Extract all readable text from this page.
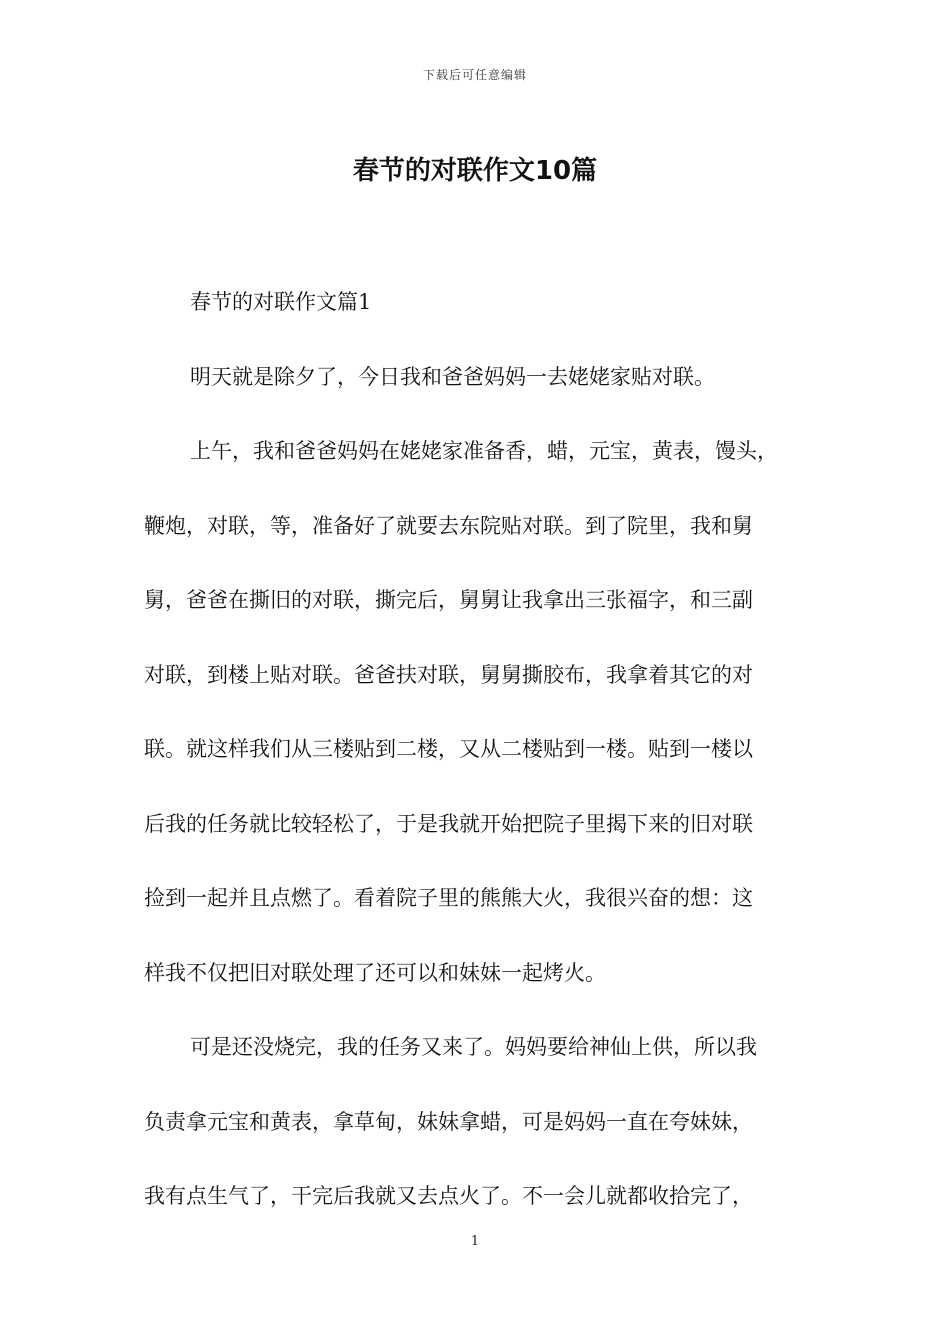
下载后可任意编辑
春节的对联作文10篇
春节的对联作文篇1
明天就是除夕了，今日我和爸爸妈妈一去姥姥家贴对联。
上午，我和爸爸妈妈在姥姥家准备香，蜡，元宝，黄表，馒头，
鞭炮，对联，等，准备好了就要去东院贴对联。到了院里，我和舅
舅，爸爸在撕旧的对联，撕完后，舅舅让我拿出三张福字，和三副
对联，到楼上贴对联。爸爸扶对联，舅舅撕胶布，我拿着其它的对
联。就这样我们从三楼贴到二楼，又从二楼贴到一楼。贴到一楼以
后我的任务就比较轻松了，于是我就开始把院子里揭下来的旧对联
捡到一起并且点燃了。看着院子里的熊熊大火，我很兴奋的想：这
样我不仅把旧对联处理了还可以和妹妹一起烤火。
可是还没烧完，我的任务又来了。妈妈要给神仙上供，所以我
负责拿元宝和黄表，拿草甸，妹妹拿蜡，可是妈妈一直在夸妹妹，
我有点生气了，干完后我就又去点火了。不一会儿就都收拾完了，
1
